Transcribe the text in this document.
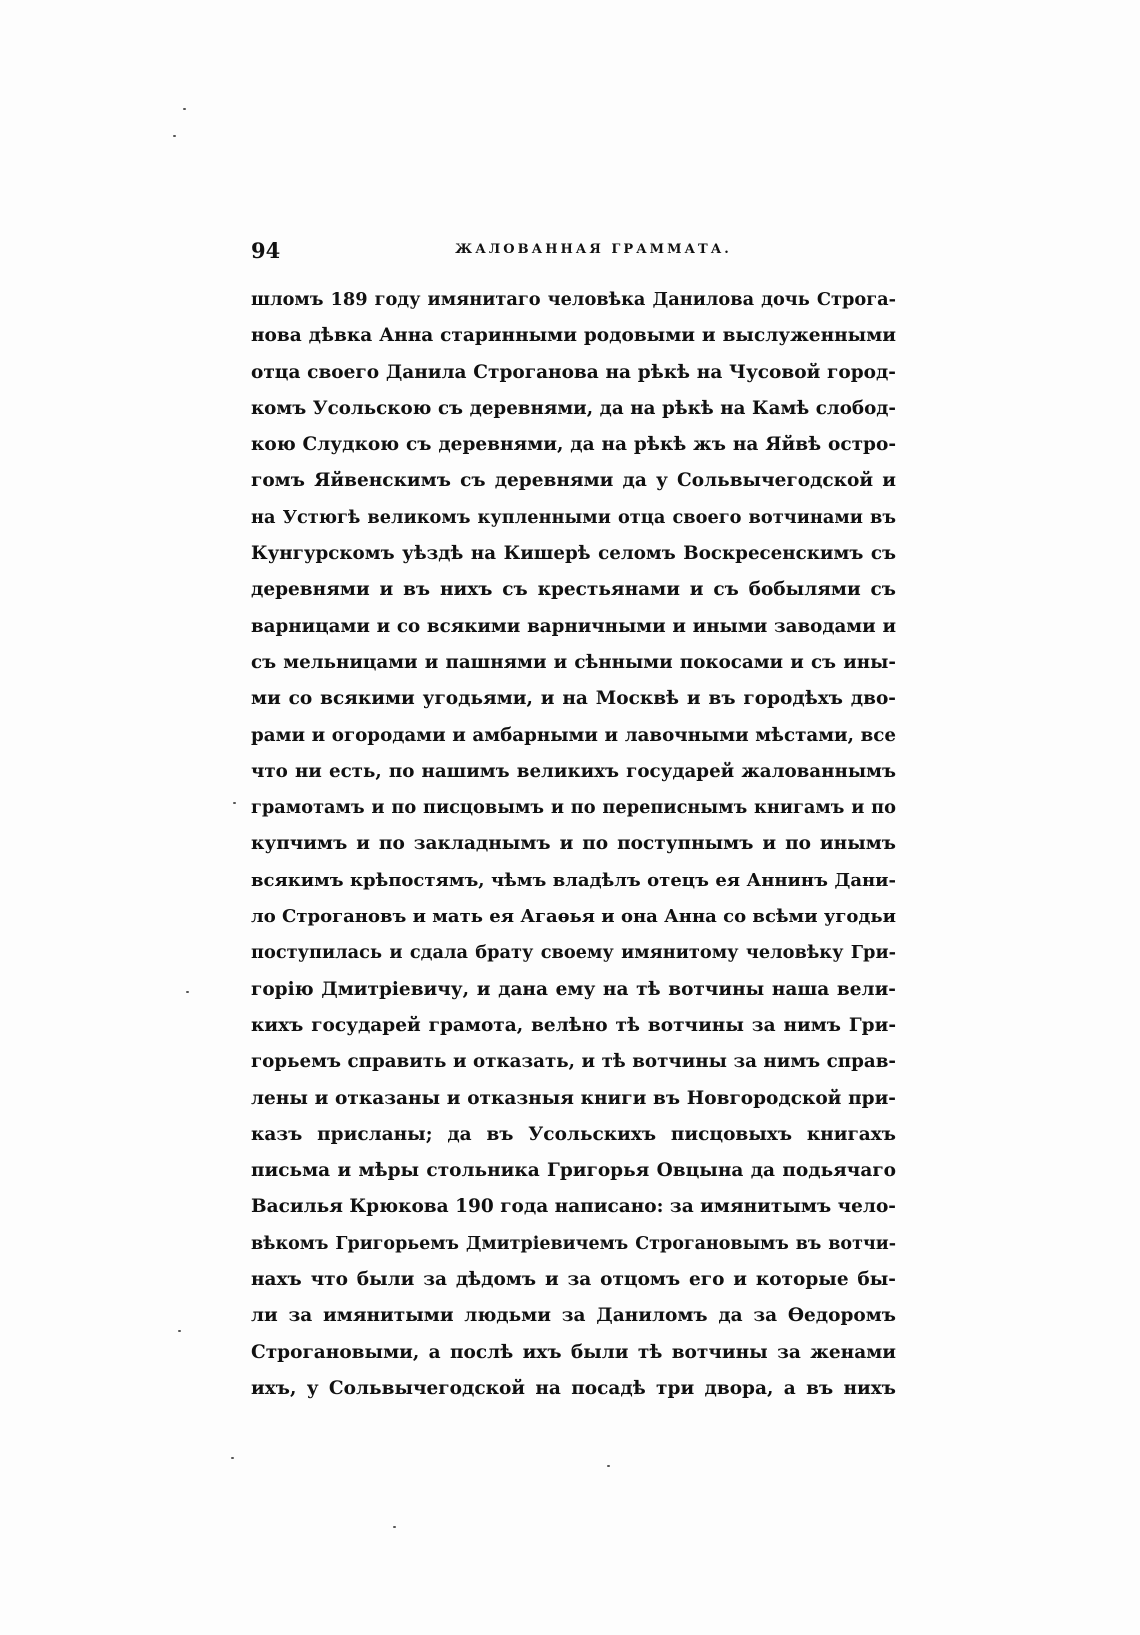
94	ЖАЛОВАННАЯ ГРАММАТА.
шломъ 189 году имянитаго человѣка Данилова дочь Строга-
нова дѣвка Анна старинными родовыми и выслуженными
отца своего Данила Строганова на рѣкѣ на Чусовой город-
комъ Усольскою съ деревнями, да на рѣкѣ на Камѣ слобод-
кою Слудкою съ деревнями, да на рѣкѣ жъ на Яйвѣ остро-
гомъ Яйвенскимъ съ деревнями да у Сольвычегодской и
на Устюгѣ великомъ купленными отца своего вотчинами въ
Кунгурскомъ уѣздѣ на Кишерѣ селомъ Воскресенскимъ съ
деревнями и въ нихъ съ крестьянами и съ бобылями съ
варницами и со всякими варничными и иными заводами и
съ мельницами и пашнями и сѣнными покосами и съ ины-
ми со всякими угодьями, и на Москвѣ и въ городѣхъ дво-
рами и огородами и амбарными и лавочными мѣстами, все
что ни есть, по нашимъ великихъ государей жалованнымъ
грамотамъ и по писцовымъ и по переписнымъ книгамъ и по
купчимъ и по закладнымъ и по поступнымъ и по инымъ
всякимъ крѣпостямъ, чѣмъ владѣлъ отецъ ея Аннинъ Дани-
ло Строгановъ и мать ея Агаѳья и она Анна со всѣми угодьи
поступилась и сдала брату своему имянитому человѣку Гри-
горію Дмитріевичу, и дана ему на тѣ вотчины наша вели-
кихъ государей грамота, велѣно тѣ вотчины за нимъ Гри-
горьемъ справить и отказать, и тѣ вотчины за нимъ справ-
лены и отказаны и отказныя книги въ Новгородской при-
казъ присланы; да въ Усольскихъ писцовыхъ книгахъ
письма и мѣры стольника Григорья Овцына да подьячаго
Василья Крюкова 190 года написано: за имянитымъ чело-
вѣкомъ Григорьемъ Дмитріевичемъ Строгановымъ въ вотчи-
нахъ что были за дѣдомъ и за отцомъ его и которые бы-
ли за имянитыми людьми за Даниломъ да за Ѳедоромъ
Строгановыми, а послѣ ихъ были тѣ вотчины за женами
ихъ, у Сольвычегодской на посадѣ три двора, а въ нихъ
